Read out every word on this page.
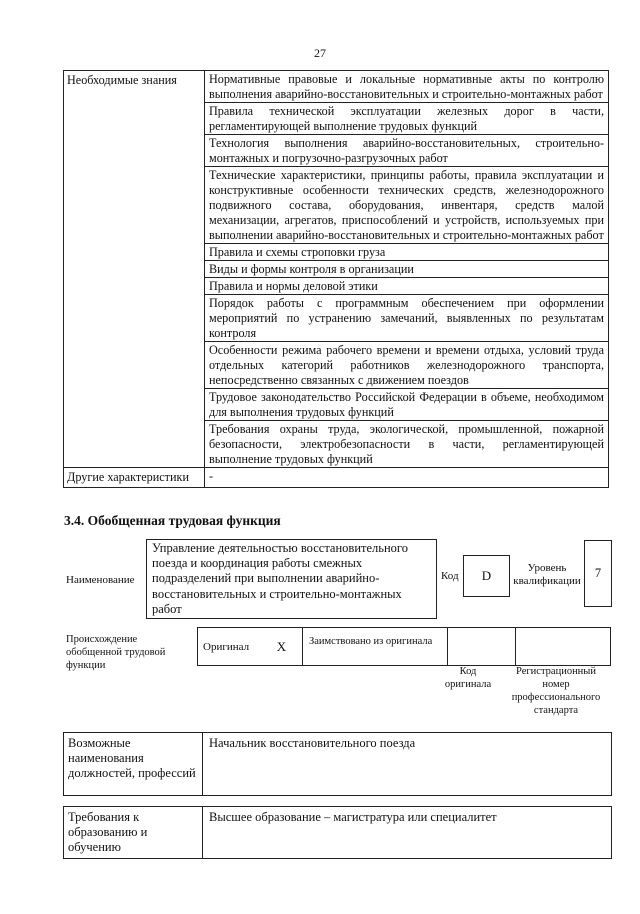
27
Необходимые знания	Нормативные правовые и локальные нормативные акты по контролю выполнения аварийно-восстановительных и строительно-монтажных работ

	Правила технической эксплуатации железных дорог в части, регламентирующей выполнение трудовых функций

	Технология выполнения аварийно-восстановительных, строительно-монтажных и погрузочно-разгрузочных работ

	Технические характеристики, принципы работы, правила эксплуатации и конструктивные особенности технических средств, железнодорожного подвижного состава, оборудования, инвентаря, средств малой механизации, агрегатов, приспособлений и устройств, используемых при выполнении аварийно-восстановительных и строительно-монтажных работ

	Правила и схемы строповки груза

	Виды и формы контроля в организации

	Правила и нормы деловой этики

	Порядок работы с программным обеспечением при оформлении мероприятий по устранению замечаний, выявленных по результатам контроля

	Особенности режима рабочего времени и времени отдыха, условий труда отдельных категорий работников железнодорожного транспорта, непосредственно связанных с движением поездов

	Трудовое законодательство Российской Федерации в объеме, необходимом для выполнения трудовых функций

	Требования охраны труда, экологической, промышленной, пожарной безопасности, электробезопасности в части, регламентирующей выполнение трудовых функций

Другие характеристики	-
3.4. Обобщенная трудовая функция
Наименование
Управление деятельностью восстановительного поезда и координация работы смежных подразделений при выполнении аварийно-восстановительных и строительно-монтажных работ
Код	D	Уровень квалификации
7
Происхождение обобщенной трудовой функции
Оригинал	X	Заимствовано из оригинала		
Код оригинала
Регистрационный номер профессионального стандарта
Возможные наименования должностей, профессий	Начальник восстановительного поезда
Требования к образованию и обучению	Высшее образование – магистратура или специалитет
